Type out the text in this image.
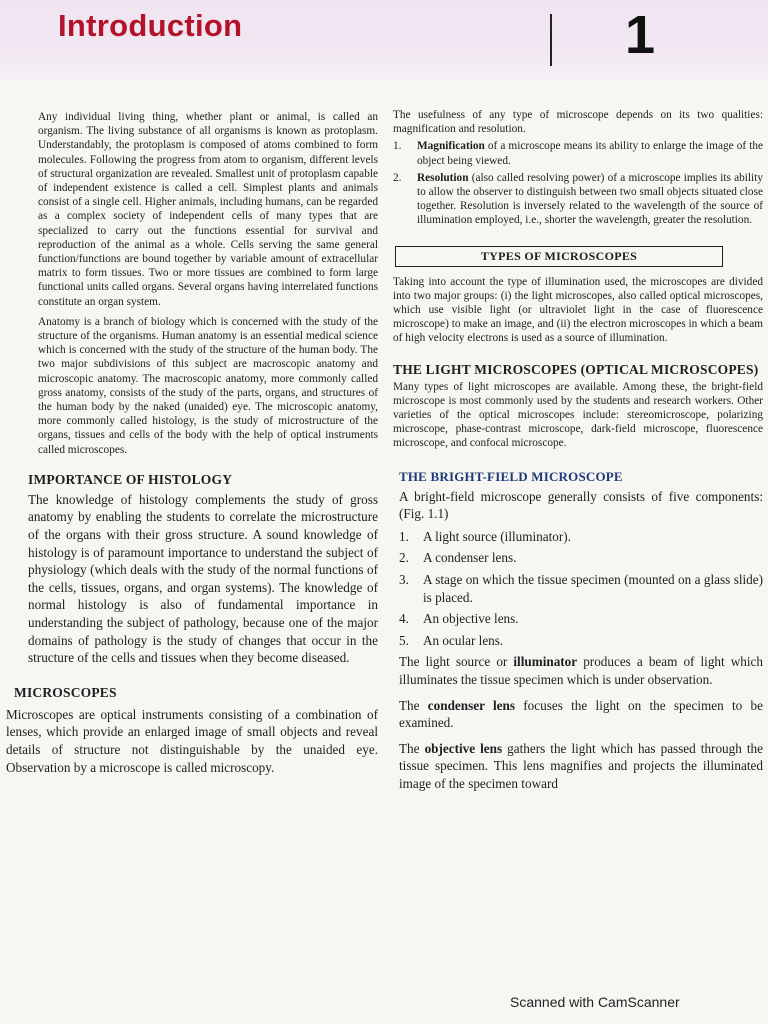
Introduction	1

Any individual living thing, whether plant or animal, is called an organism. The living substance of all organisms is known as protoplasm. Understandably, the protoplasm is composed of atoms combined to form molecules. Following the progress from atom to organism, different levels of structural organization are revealed. Smallest unit of protoplasm capable of independent existence is called a cell. Simplest plants and animals consist of a single cell. Higher animals, including humans, can be regarded as a complex society of independent cells of many types that are specialized to carry out the functions essential for survival and reproduction of the animal as a whole. Cells serving the same general function/functions are bound together by variable amount of extracellular matrix to form tissues. Two or more tissues are combined to form large functional units called organs. Several organs having interrelated functions constitute an organ system.

Anatomy is a branch of biology which is concerned with the study of the structure of the organisms. Human anatomy is an essential medical science which is concerned with the study of the structure of the human body. The two major subdivisions of this subject are macroscopic anatomy and microscopic anatomy. The macroscopic anatomy, more commonly called gross anatomy, consists of the study of the parts, organs, and structures of the human body by the naked (unaided) eye. The microscopic anatomy, more commonly called histology, is the study of microstructure of the organs, tissues and cells of the body with the help of optical instruments called microscopes.

IMPORTANCE OF HISTOLOGY

The knowledge of histology complements the study of gross anatomy by enabling the students to correlate the microstructure of the organs with their gross structure. A sound knowledge of histology is of paramount importance to understand the subject of physiology (which deals with the study of the normal functions of the cells, tissues, organs, and organ systems). The knowledge of normal histology is also of fundamental importance in understanding the subject of pathology, because one of the major domains of pathology is the study of changes that occur in the structure of the cells and tissues when they become diseased.

MICROSCOPES

Microscopes are optical instruments consisting of a combination of lenses, which provide an enlarged image of small objects and reveal details of structure not distinguishable by the unaided eye. Observation by a microscope is called microscopy.

The usefulness of any type of microscope depends on its two qualities: magnification and resolution.

1.	Magnification of a microscope means its ability to enlarge the image of the object being viewed.
2.	Resolution (also called resolving power) of a microscope implies its ability to allow the observer to distinguish between two small objects situated close together. Resolution is inversely related to the wavelength of the source of illumination employed, i.e., shorter the wavelength, greater the resolution.
TYPES OF MICROSCOPES

Taking into account the type of illumination used, the microscopes are divided into two major groups: (i) the light microscopes, also called optical microscopes, which use visible light (or ultraviolet light in the case of fluorescence microscope) to make an image, and (ii) the electron microscopes in which a beam of high velocity electrons is used as a source of illumination.

THE LIGHT MICROSCOPES (OPTICAL MICROSCOPES)

Many types of light microscopes are available. Among these, the bright-field microscope is most commonly used by the students and research workers. Other varieties of the optical microscopes include: stereomicroscope, polarizing microscope, phase-contrast microscope, dark-field microscope, fluorescence microscope, and confocal microscope.

THE BRIGHT-FIELD MICROSCOPE

A bright-field microscope generally consists of five components: (Fig. 1.1)

1.	A light source (illuminator).
2.	A condenser lens.
3.	A stage on which the tissue specimen (mounted on a glass slide) is placed.
4.	An objective lens.
5.	An ocular lens.

The light source or illuminator produces a beam of light which illuminates the tissue specimen which is under observation.

The condenser lens focuses the light on the specimen to be examined.

The objective lens gathers the light which has passed through the tissue specimen. This lens magnifies and projects the illuminated image of the specimen toward

Scanned with CamScanner
